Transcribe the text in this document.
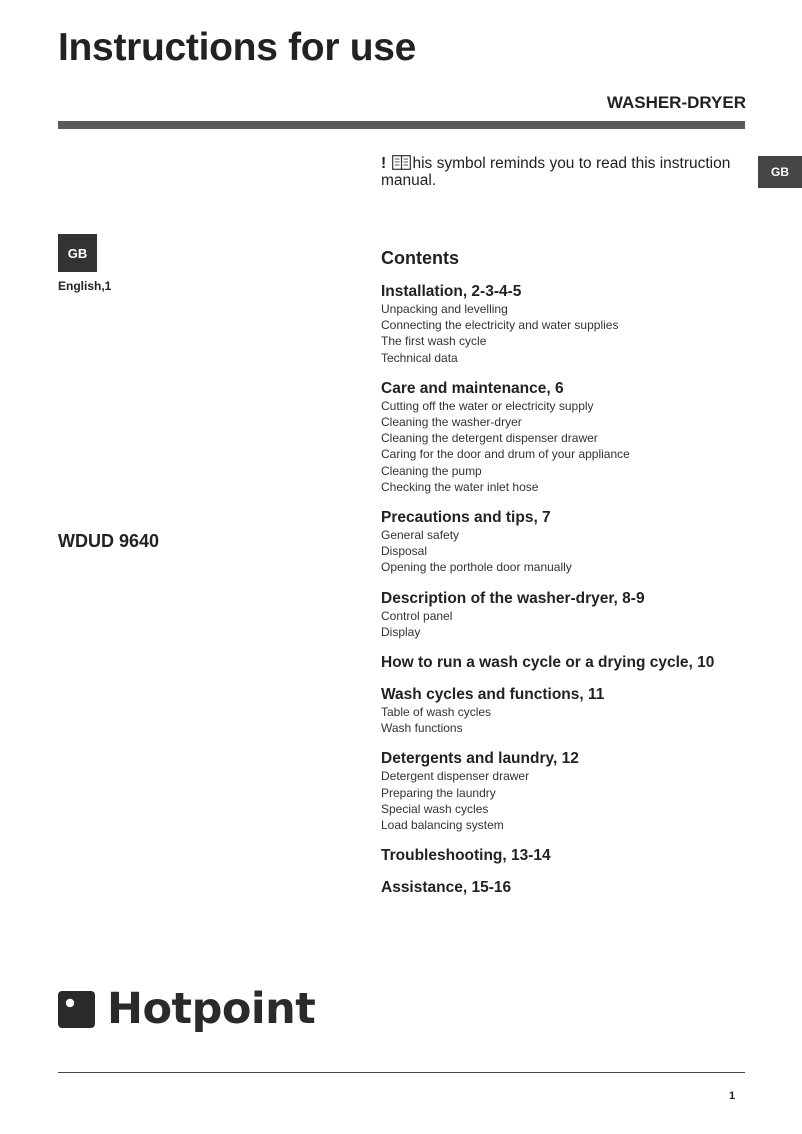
Instructions for use
WASHER-DRYER
GB
! his symbol reminds you to read this instruction manual.
GB
English,1
WDUD 9640
Contents
Installation, 2-3-4-5
Unpacking and levelling
Connecting the electricity and water supplies
The first wash cycle
Technical data
Care and maintenance, 6
Cutting off the water or electricity supply
Cleaning the washer-dryer
Cleaning the detergent dispenser drawer
Caring for the door and drum of your appliance
Cleaning the pump
Checking the water inlet hose
Precautions and tips, 7
General safety
Disposal
Opening the porthole door manually
Description of the washer-dryer, 8-9
Control panel
Display
How to run a wash cycle or a drying cycle, 10
Wash cycles and functions, 11
Table of wash cycles
Wash functions
Detergents and laundry, 12
Detergent dispenser drawer
Preparing the laundry
Special wash cycles
Load balancing system
Troubleshooting, 13-14
Assistance, 15-16
Hotpoint
1
